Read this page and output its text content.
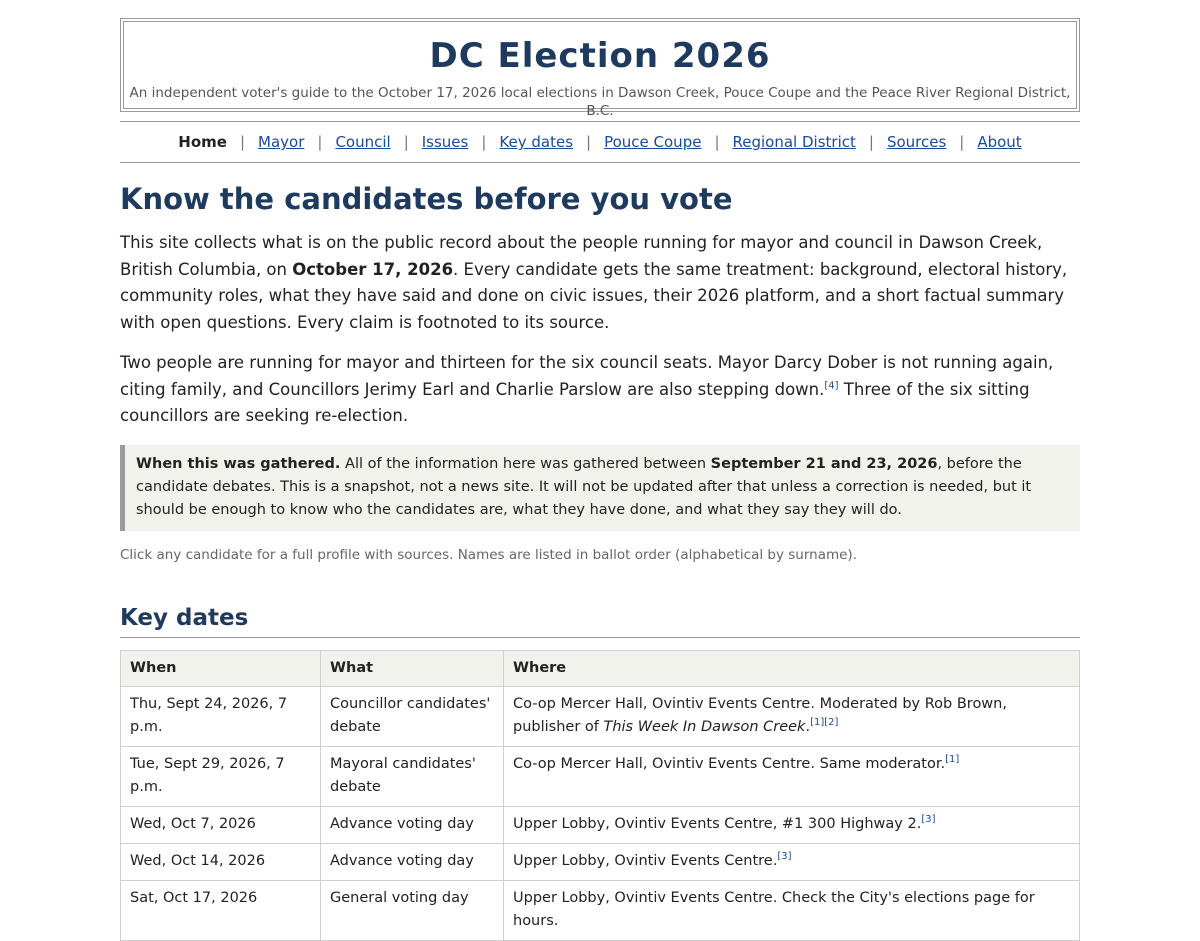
DC Election 2026
An independent voter's guide to the October 17, 2026 local elections in Dawson Creek, Pouce Coupe and the Peace River Regional District, B.C.
Home | Mayor | Council | Issues | Key dates | Pouce Coupe | Regional District | Sources | About
Know the candidates before you vote

This site collects what is on the public record about the people running for mayor and council in Dawson Creek, British Columbia, on October 17, 2026. Every candidate gets the same treatment: background, electoral history, community roles, what they have said and done on civic issues, their 2026 platform, and a short factual summary with open questions. Every claim is footnoted to its source.

Two people are running for mayor and thirteen for the six council seats. Mayor Darcy Dober is not running again, citing family, and Councillors Jerimy Earl and Charlie Parslow are also stepping down.[4] Three of the six sitting councillors are seeking re-election.

When this was gathered. All of the information here was gathered between September 21 and 23, 2026, before the candidate debates. This is a snapshot, not a news site. It will not be updated after that unless a correction is needed, but it should be enough to know who the candidates are, what they have done, and what they say they will do.
Click any candidate for a full profile with sources. Names are listed in ballot order (alphabetical by surname).
Key dates
When	What	Where
Thu, Sept 24, 2026, 7 p.m.	Councillor candidates' debate	Co-op Mercer Hall, Ovintiv Events Centre. Moderated by Rob Brown, publisher of This Week In Dawson Creek.[1][2]
Tue, Sept 29, 2026, 7 p.m.	Mayoral candidates' debate	Co-op Mercer Hall, Ovintiv Events Centre. Same moderator.[1]
Wed, Oct 7, 2026	Advance voting day	Upper Lobby, Ovintiv Events Centre, #1 300 Highway 2.[3]
Wed, Oct 14, 2026	Advance voting day	Upper Lobby, Ovintiv Events Centre.[3]
Sat, Oct 17, 2026	General voting day	Upper Lobby, Ovintiv Events Centre. Check the City's elections page for hours.
